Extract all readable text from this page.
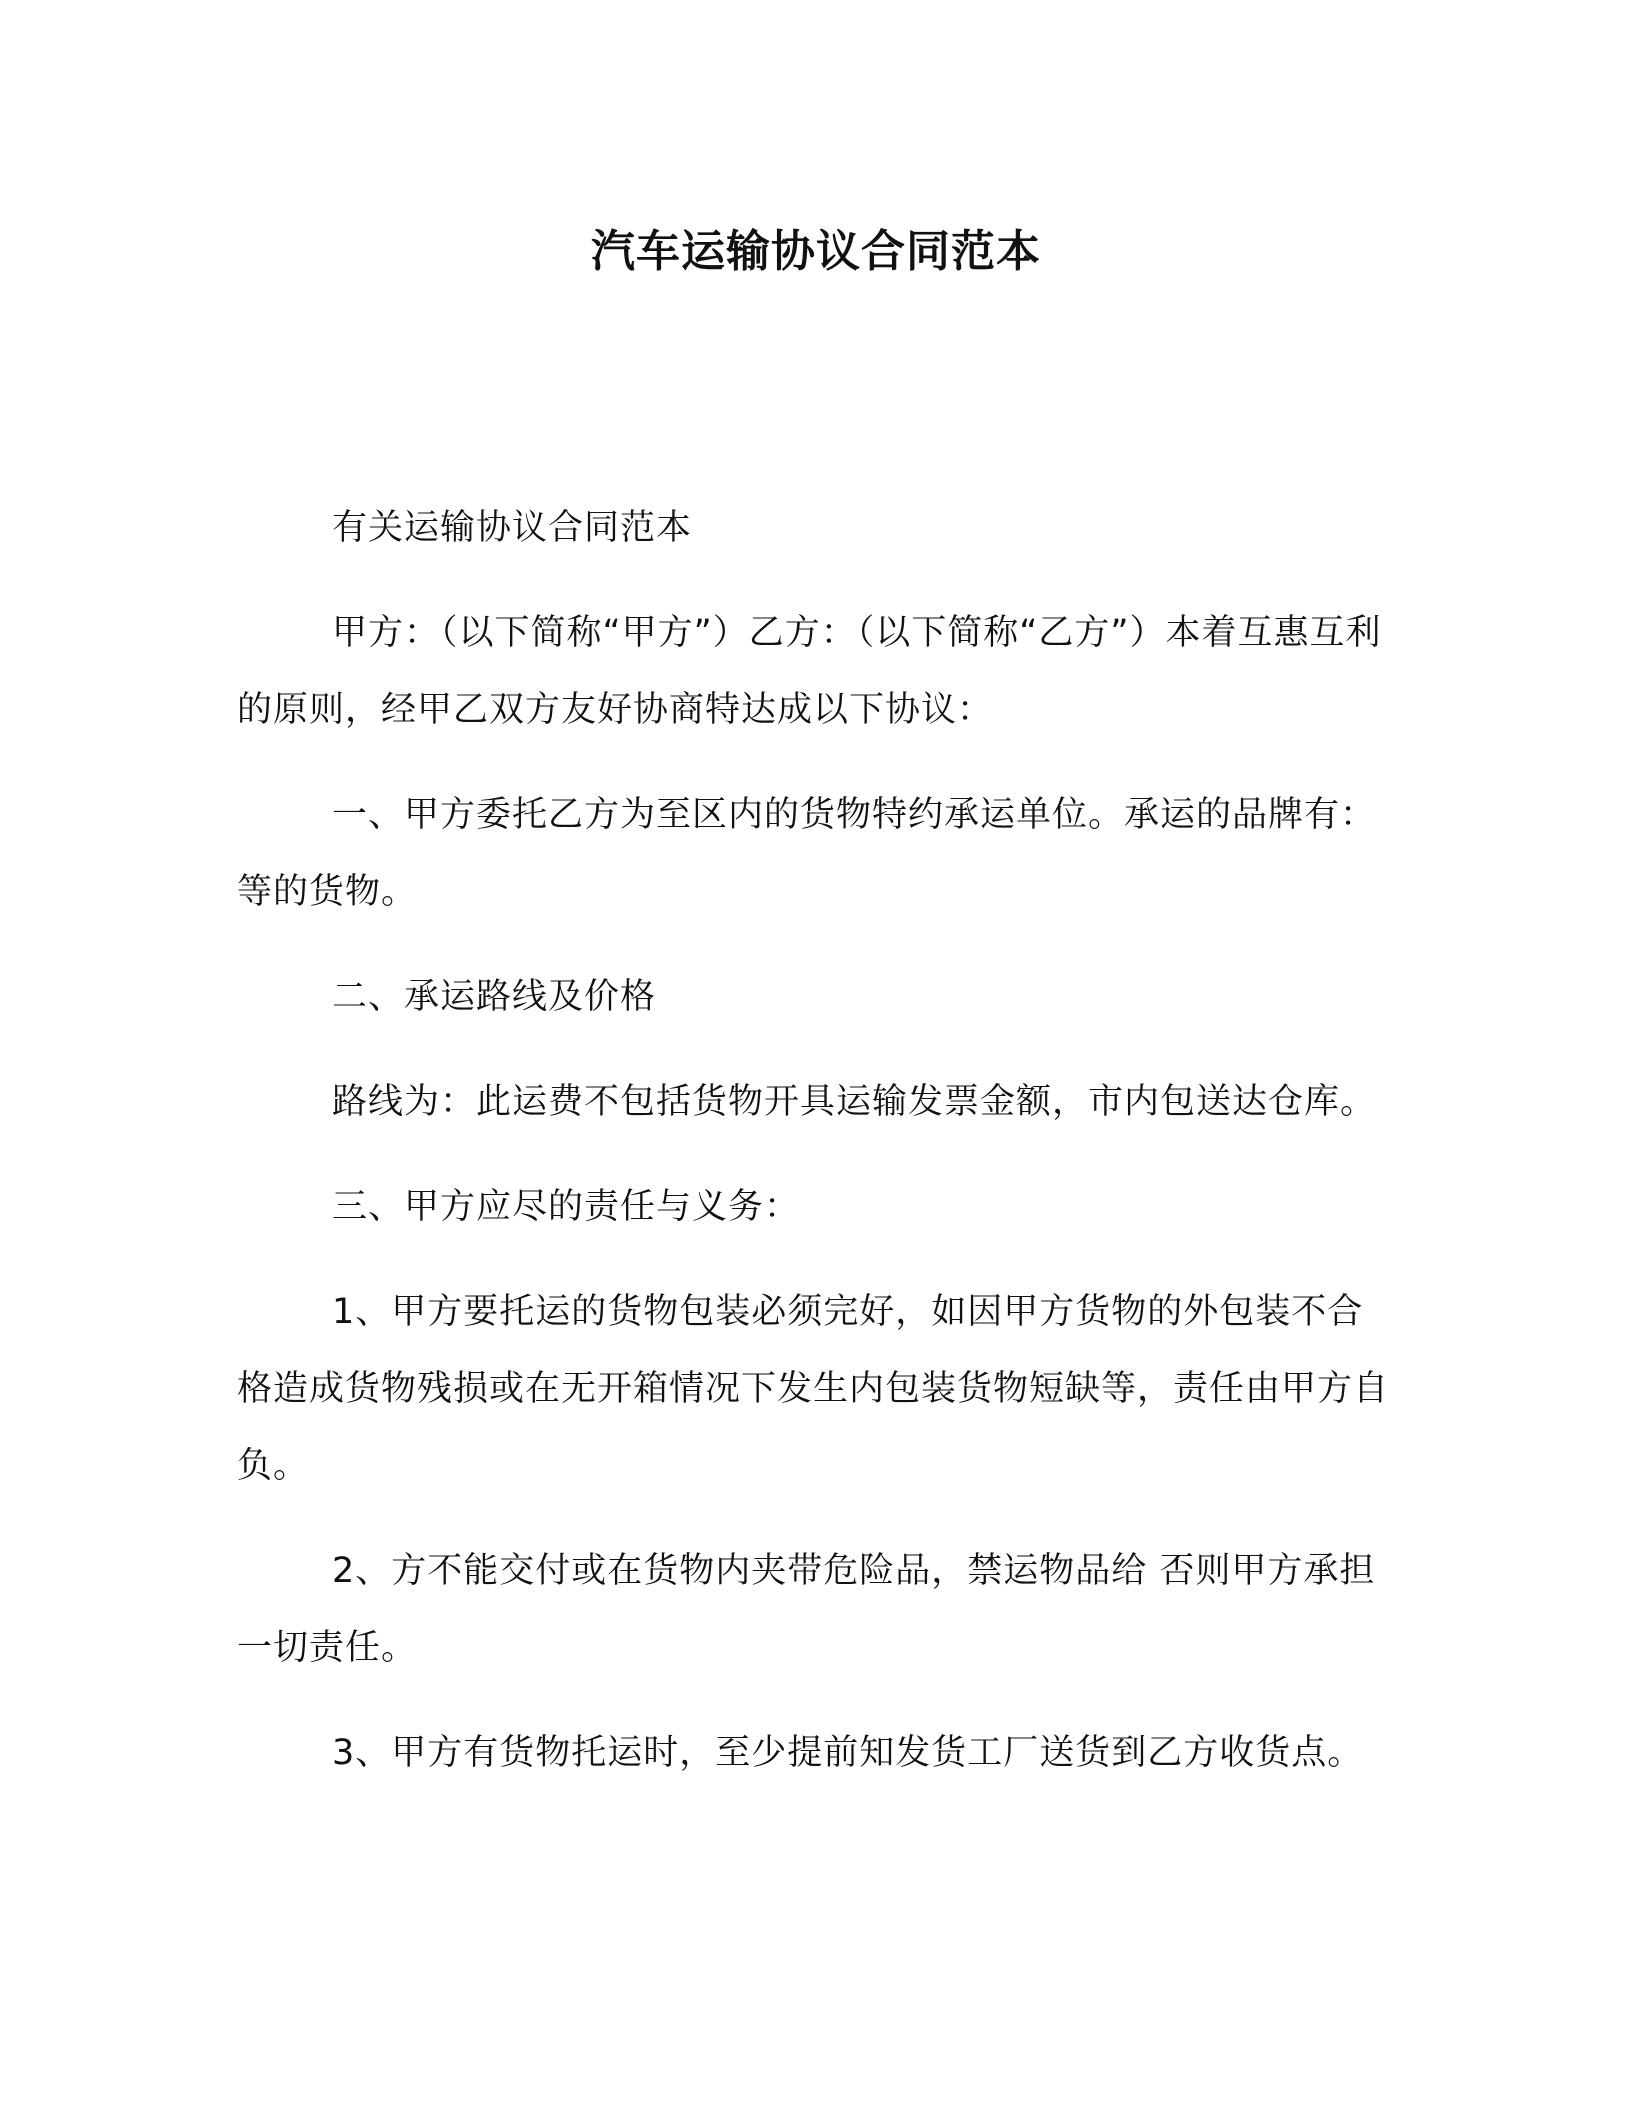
汽车运输协议合同范本

有关运输协议合同范本

甲方：（以下简称“甲方”）乙方：（以下简称“乙方”）本着互惠互利的原则，经甲乙双方友好协商特达成以下协议：

一、甲方委托乙方为至区内的货物特约承运单位。承运的品牌有：等的货物。

二、承运路线及价格

路线为：此运费不包括货物开具运输发票金额，市内包送达仓库。

三、甲方应尽的责任与义务：

1、甲方要托运的货物包装必须完好，如因甲方货物的外包装不合格造成货物残损或在无开箱情况下发生内包装货物短缺等，责任由甲方自负。

2、方不能交付或在货物内夹带危险品，禁运物品给 否则甲方承担一切责任。

3、甲方有货物托运时，至少提前知发货工厂送货到乙方收货点。
